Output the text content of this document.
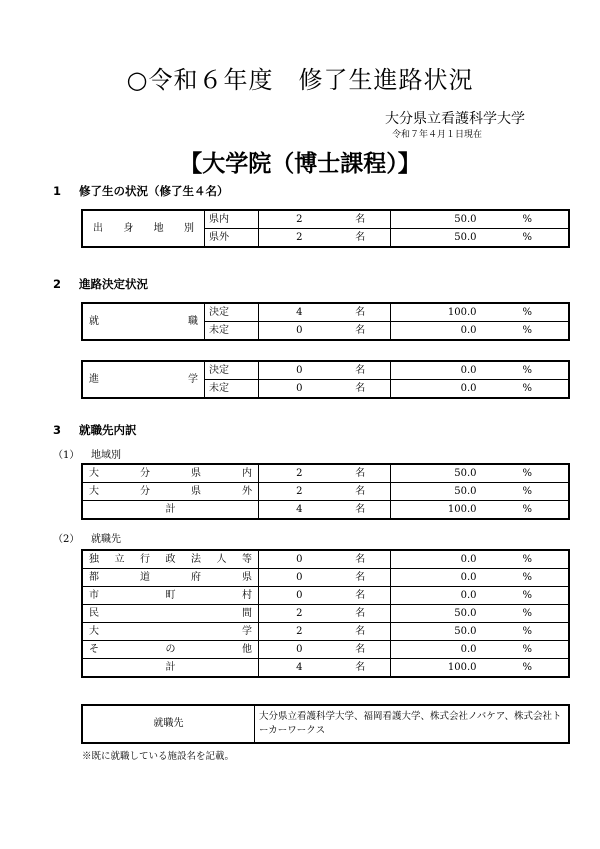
○令和６年度　修了生進路状況
大分県立看護科学大学
令和７年４月１日現在
【大学院（博士課程）】
1 修了生の状況（修了生４名）
出身地別	県内	2	名	50.0	%
	県外	2	名	50.0	%
2 進路決定状況
就職	決定	4	名	100.0	%
	未定	0	名	0.0	%
進学	決定	0	名	0.0	%
	未定	0	名	0.0	%
3 就職先内訳
（1） 地域別
大分県内	2	名	50.0	%
大分県外	2	名	50.0	%
計	4	名	100.0	%
（2） 就職先
独立行政法人等	0	名	0.0	%
都道府県	0	名	0.0	%
市町村	0	名	0.0	%
民間	2	名	50.0	%
大学	2	名	50.0	%
その他	0	名	0.0	%
計	4	名	100.0	%
就職先	大分県立看護科学大学、福岡看護大学、株式会社ノバケア、株式会社トーカーワークス
※既に就職している施設名を記載。
